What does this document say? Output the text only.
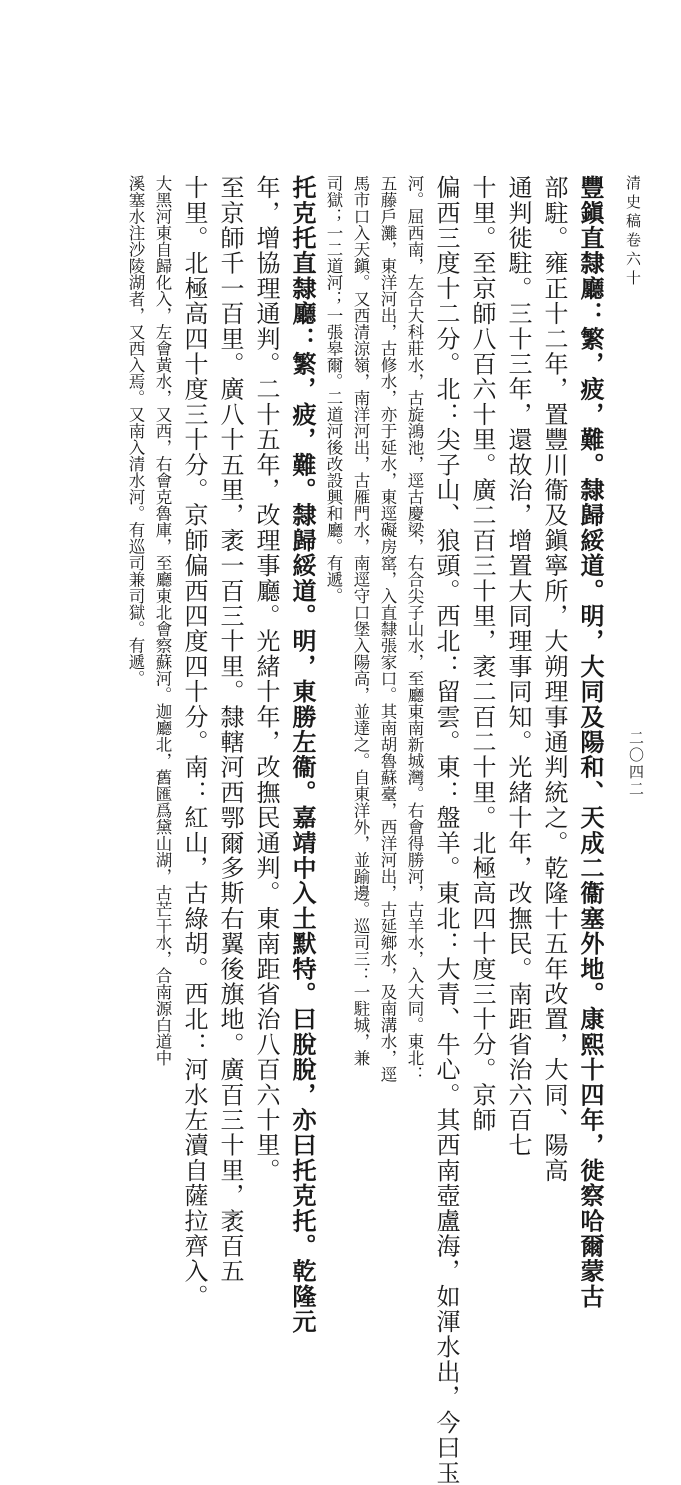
清史稿卷六十
二〇四二
豐鎭直隸廳：繁，疲，難。隸歸綏道。明，大同及陽和、天成二衞塞外地。康熙十四年，徙察哈爾蒙古
部駐。雍正十二年，置豐川衞及鎭寧所，大朔理事通判統之。乾隆十五年改置，大同、陽高
通判徙駐。三十三年，還故治，增置大同理事同知。光緒十年，改撫民。南距省治六百七
十里。至京師八百六十里。廣二百三十里，袤二百二十里。北極高四十度三十分。京師
偏西三度十二分。北：尖子山、狼頭。西北：留雲。東：盤羊。東北：大青、牛心。其西南壺盧海，如渾水出，今曰玉
河。屈西南，左合大科莊水，古旋鴻池，逕古慶梁，右合尖子山水，至廳東南新城灣。右會得勝河，古羊水，入大同。東北：
五藤戶灘，東洋河出，古修水，亦于延水，東逕礙房窰，入直隸張家口。其南胡魯蘇臺，西洋河出，古延鄉水，及南溝水，逕
馬市口入天鎭。又西清涼嶺，南洋河出，古雁門水，南逕守口堡入陽高，並達之。自東洋外，並踰邊。巡司三：一駐城，兼
司獄；一二道河；一張皋爾。二道河後改設興和廳。有遞。
托克托直隸廳：繁，疲，難。隸歸綏道。明，東勝左衞。嘉靖中入土默特。曰脫脫，亦曰托克托。乾隆元
年，增協理通判。二十五年，改理事廳。光緒十年，改撫民通判。東南距省治八百六十里。
至京師千一百里。廣八十五里，袤一百三十里。隸轄河西鄂爾多斯右翼後旗地。廣百三十里，袤百五
十里。北極高四十度三十分。京師偏西四度四十分。南：紅山，古綠胡。西北：河水左瀆自薩拉齊入。
大黑河東自歸化入，左會黃水，又西，右會克魯庫，至廳東北會察蘇河。迦廳北，舊匯爲黛山湖，古芒干水，合南源白道中
溪塞水注沙陵湖者，又西入焉。又南入清水河。有巡司兼司獄。有遞。
